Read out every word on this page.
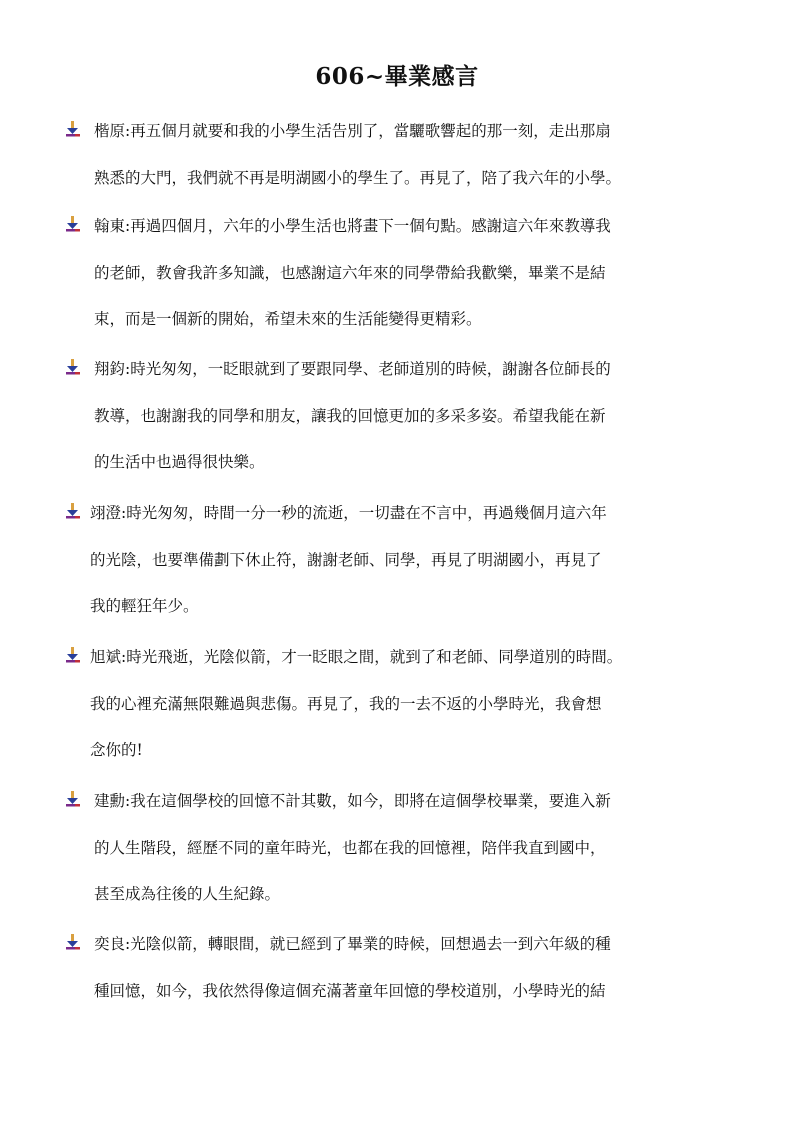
606~畢業感言
楷原:再五個月就要和我的小學生活告別了，當驪歌響起的那一刻，走出那扇
熟悉的大門，我們就不再是明湖國小的學生了。再見了，陪了我六年的小學。
翰東:再過四個月，六年的小學生活也將畫下一個句點。感謝這六年來教導我
的老師，教會我許多知識，也感謝這六年來的同學帶給我歡樂，畢業不是結
束，而是一個新的開始，希望未來的生活能變得更精彩。
翔鈞:時光匆匆，一眨眼就到了要跟同學、老師道別的時候，謝謝各位師長的
教導，也謝謝我的同學和朋友，讓我的回憶更加的多采多姿。希望我能在新
的生活中也過得很快樂。
翊澄:時光匆匆，時間一分一秒的流逝，一切盡在不言中，再過幾個月這六年
的光陰，也要準備劃下休止符，謝謝老師、同學，再見了明湖國小，再見了
我的輕狂年少。
旭斌:時光飛逝，光陰似箭，才一眨眼之間，就到了和老師、同學道別的時間。
我的心裡充滿無限難過與悲傷。再見了，我的一去不返的小學時光，我會想
念你的!
建勳:我在這個學校的回憶不計其數，如今，即將在這個學校畢業，要進入新
的人生階段，經歷不同的童年時光，也都在我的回憶裡，陪伴我直到國中，
甚至成為往後的人生紀錄。
奕良:光陰似箭，轉眼間，就已經到了畢業的時候，回想過去一到六年級的種
種回憶，如今，我依然得像這個充滿著童年回憶的學校道別，小學時光的結
